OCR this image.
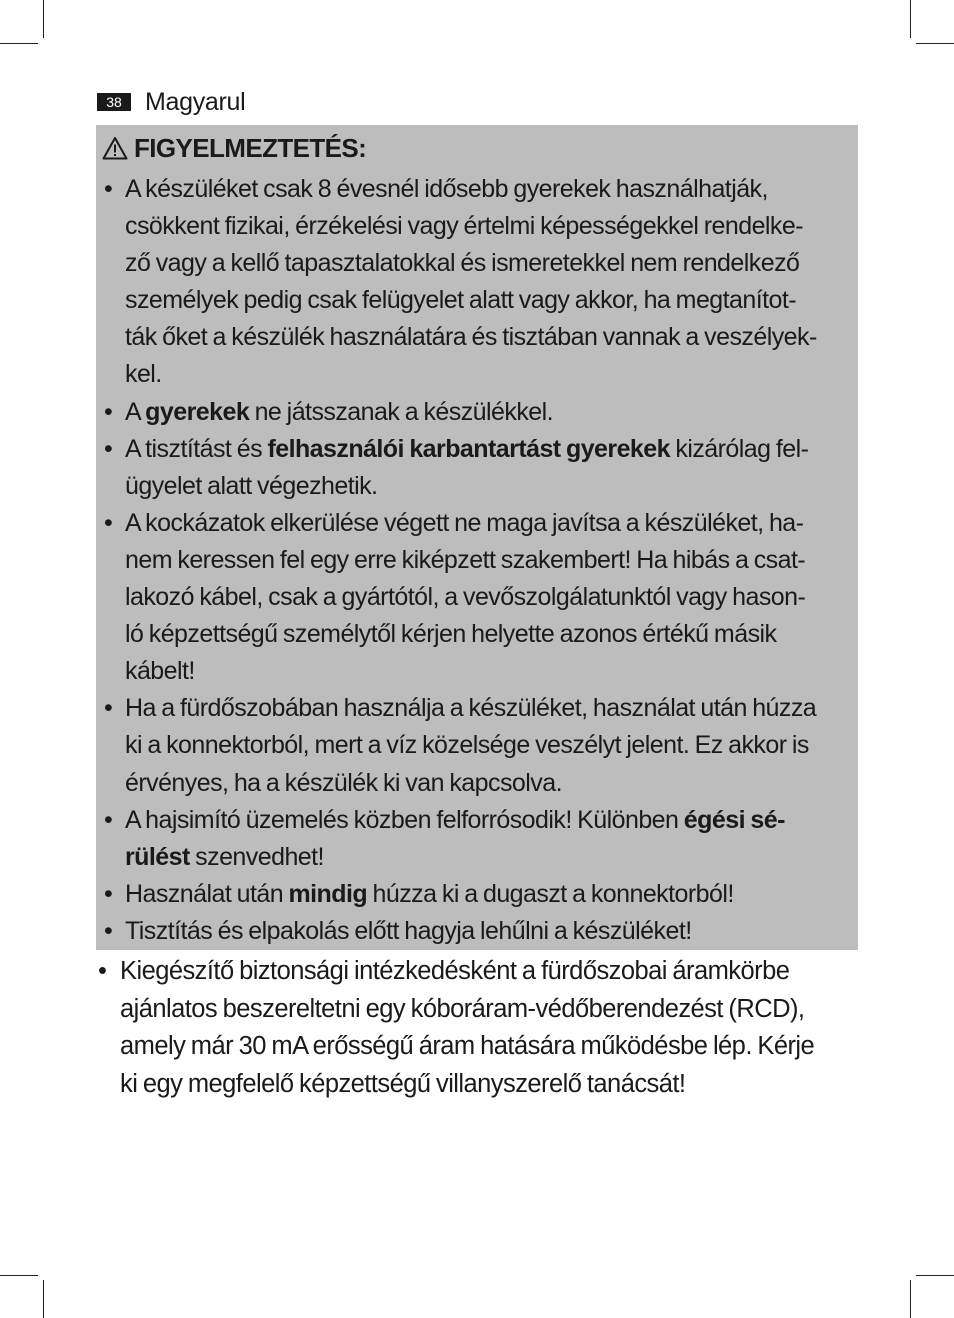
38 Magyarul
FIGYELMEZTETÉS:
• A készüléket csak 8 évesnél idősebb gyerekek használhatják,
csökkent fizikai, érzékelési vagy értelmi képességekkel rendelke-
ző vagy a kellő tapasztalatokkal és ismeretekkel nem rendelkező
személyek pedig csak felügyelet alatt vagy akkor, ha megtanítot-
ták őket a készülék használatára és tisztában vannak a veszélyek-
kel.
• A gyerekek ne játsszanak a készülékkel.
• A tisztítást és felhasználói karbantartást gyerekek kizárólag fel-
ügyelet alatt végezhetik.
• A kockázatok elkerülése végett ne maga javítsa a készüléket, ha-
nem keressen fel egy erre kiképzett szakembert! Ha hibás a csat-
lakozó kábel, csak a gyártótól, a vevőszolgálatunktól vagy hason-
ló képzettségű személytől kérjen helyette azonos értékű másik
kábelt!
• Ha a fürdőszobában használja a készüléket, használat után húzza
ki a konnektorból, mert a víz közelsége veszélyt jelent. Ez akkor is
érvényes, ha a készülék ki van kapcsolva.
• A hajsimító üzemelés közben felforrósodik! Különben égési sé-
rülést szenvedhet!
• Használat után mindig húzza ki a dugaszt a konnektorból!
• Tisztítás és elpakolás előtt hagyja lehűlni a készüléket!
• Kiegészítő biztonsági intézkedésként a fürdőszobai áramkörbe
ajánlatos beszereltetni egy kóboráram-védőberendezést (RCD),
amely már 30 mA erősségű áram hatására működésbe lép. Kérje
ki egy megfelelő képzettségű villanyszerelő tanácsát!
